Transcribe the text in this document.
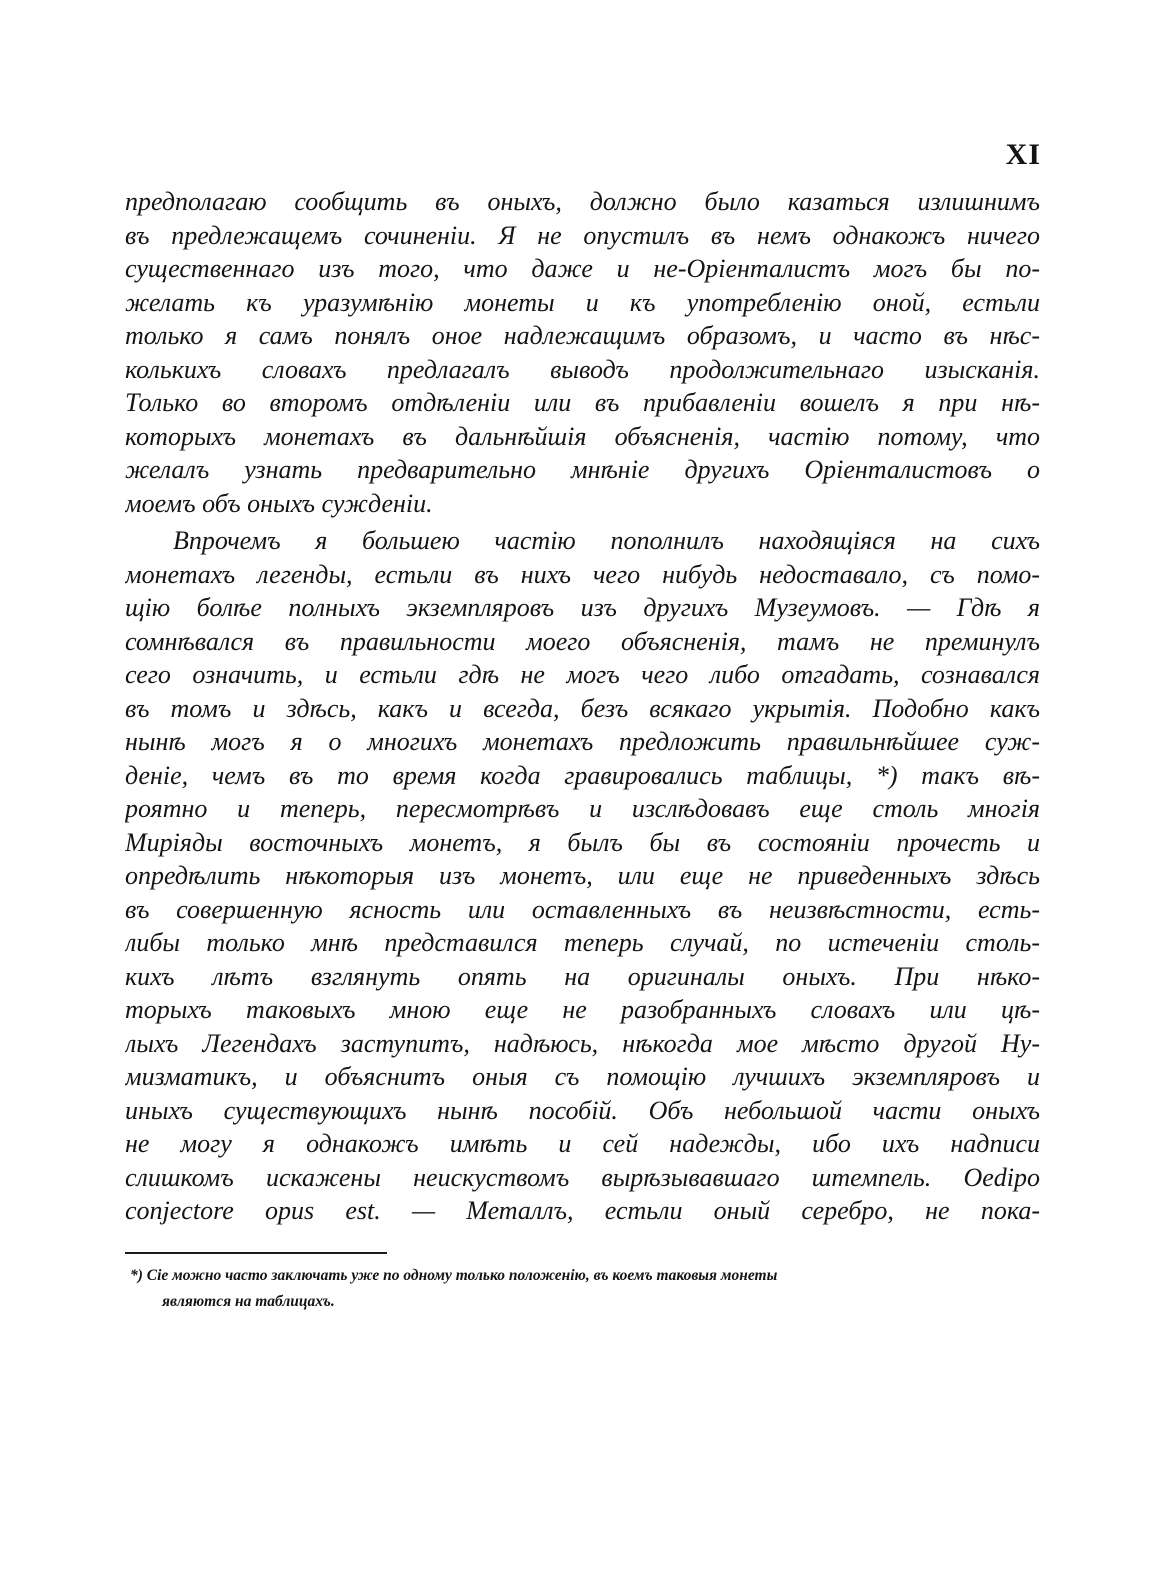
XI
предполагаю сообщить въ оныхъ, должно было казаться излишнимъ
въ предлежащемъ сочиненіи. Я не опустилъ въ немъ однакожъ ничего
существеннаго изъ того, что даже и не-Оріенталистъ могъ бы по-
желать къ уразумѣнію монеты и къ употребленію оной, естьли
только я самъ понялъ оное надлежащимъ образомъ, и часто въ нѣс-
колькихъ словахъ предлагалъ выводъ продолжительнаго изысканія.
Только во второмъ отдѣленіи или въ прибавленіи вошелъ я при нѣ-
которыхъ монетахъ въ дальнѣйшія объясненія, частію потому, что
желалъ узнать предварительно мнѣніе другихъ Оріенталистовъ о
моемъ объ оныхъ сужденіи.
Впрочемъ я большею частію пополнилъ находящіяся на сихъ
монетахъ легенды, естьли въ нихъ чего нибудь недоставало, съ помо-
щію болѣе полныхъ экземпляровъ изъ другихъ Музеумовъ. — Гдѣ я
сомнѣвался въ правильности моего объясненія, тамъ не преминулъ
сего означить, и естьли гдѣ не могъ чего либо отгадать, сознавался
въ томъ и здѣсь, какъ и всегда, безъ всякаго укрытія. Подобно какъ
нынѣ могъ я о многихъ монетахъ предложить правильнѣйшее суж-
деніе, чемъ въ то время когда гравировались таблицы, *) такъ вѣ-
роятно и теперь, пересмотрѣвъ и изслѣдовавъ еще столь многія
Миріяды восточныхъ монетъ, я былъ бы въ состояніи прочесть и
опредѣлить нѣкоторыя изъ монетъ, или еще не приведенныхъ здѣсь
въ совершенную ясность или оставленныхъ въ неизвѣстности, есть-
либы только мнѣ представился теперь случай, по истеченіи столь-
кихъ лѣтъ взглянуть опять на оригиналы оныхъ. При нѣко-
торыхъ таковыхъ мною еще не разобранныхъ словахъ или цѣ-
лыхъ Легендахъ заступитъ, надѣюсь, нѣкогда мое мѣсто другой Ну-
мизматикъ, и объяснитъ оныя съ помощію лучшихъ экземпляровъ и
иныхъ существующихъ нынѣ пособій. Объ небольшой части оныхъ
не могу я однакожъ имѣть и сей надежды, ибо ихъ надписи
слишкомъ искажены неискуствомъ вырѣзывавшаго штемпель. Oedipo
conjectore opus est. — Металлъ, естьли оный серебро, не пока-
*) Сіе можно часто заключать уже по одному только положенію, въ коемъ таковыя монеты
являются на таблицахъ.
